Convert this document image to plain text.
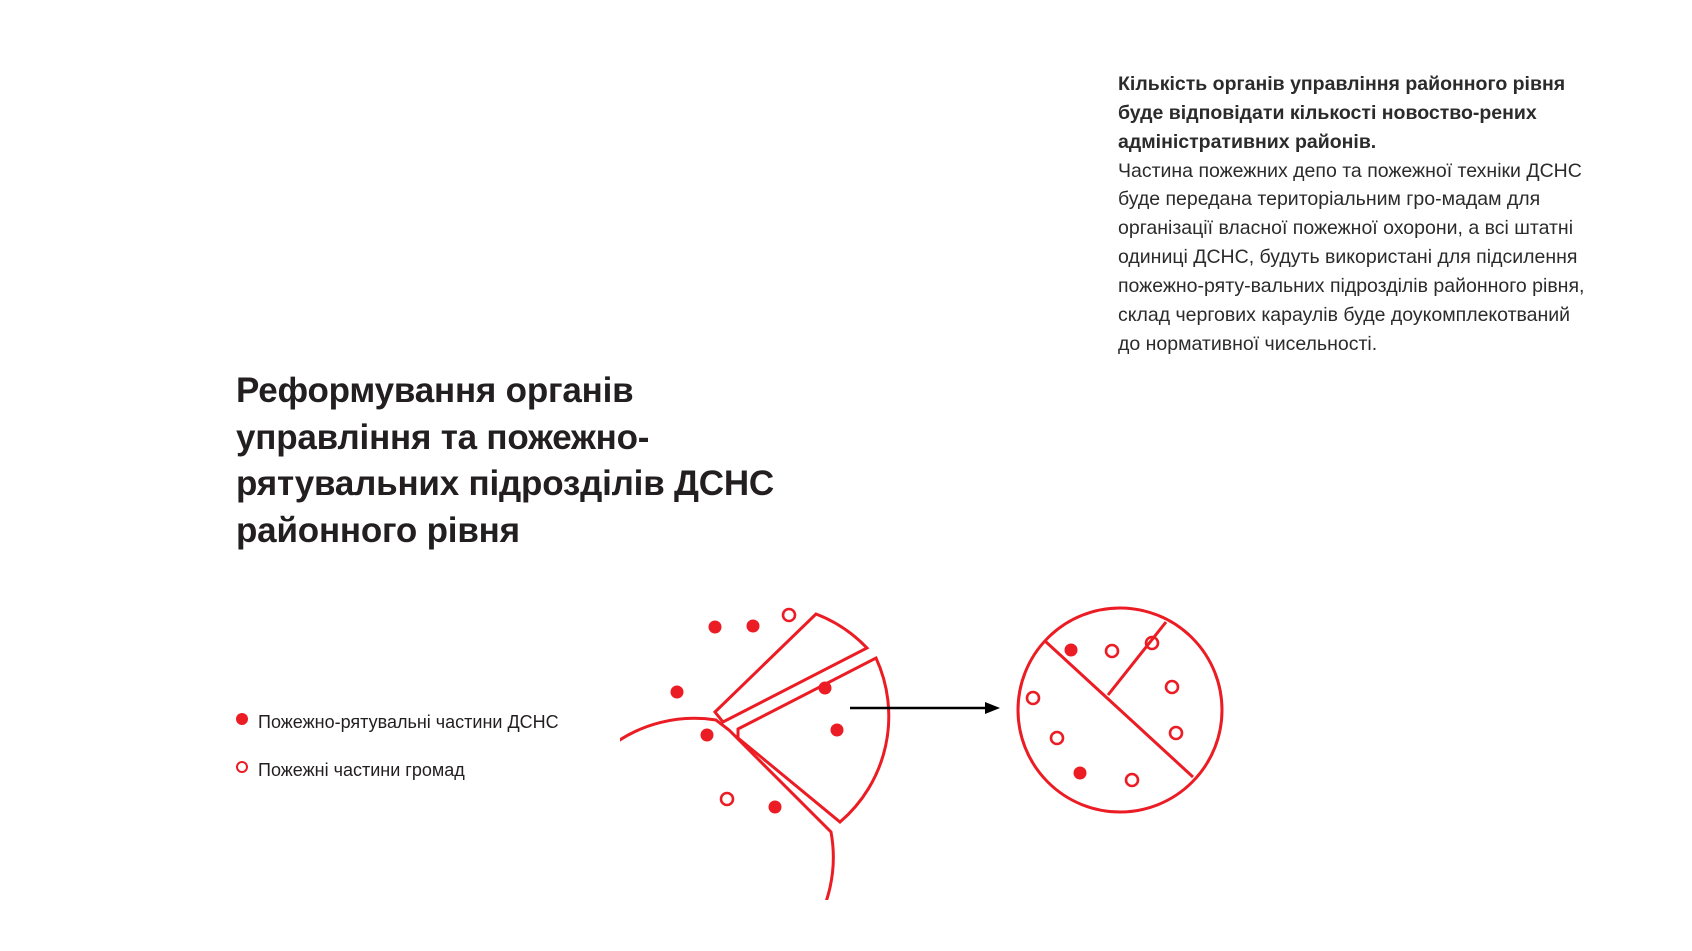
Кількість органів управління районного рівня буде відповідати кількості новоство-рених адміністративних районів.
Частина пожежних депо та пожежної техніки ДСНС буде передана територіальним гро-мадам для організації власної пожежної охорони, а всі штатні одиниці ДСНС, будуть використані для підсилення пожежно-ряту-вальних підрозділів районного рівня, склад чергових караулів буде доукомплекотваний до нормативної чисельності.
Реформування органів управління та пожежно-рятувальних підрозділів ДСНС районного рівня
Пожежно-рятувальні частини ДСНС
Пожежні частини громад
